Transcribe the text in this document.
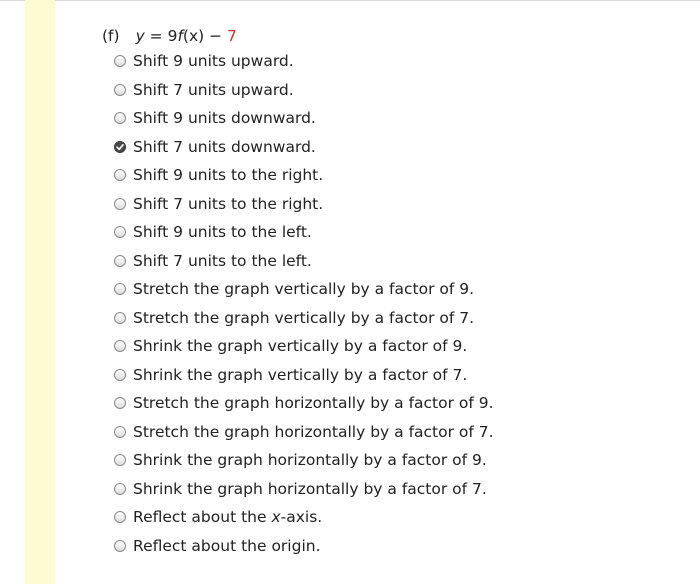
(f) y = 9f(x) − 7
Shift 9 units upward.
Shift 7 units upward.
Shift 9 units downward.
Shift 7 units downward.
Shift 9 units to the right.
Shift 7 units to the right.
Shift 9 units to the left.
Shift 7 units to the left.
Stretch the graph vertically by a factor of 9.
Stretch the graph vertically by a factor of 7.
Shrink the graph vertically by a factor of 9.
Shrink the graph vertically by a factor of 7.
Stretch the graph horizontally by a factor of 9.
Stretch the graph horizontally by a factor of 7.
Shrink the graph horizontally by a factor of 9.
Shrink the graph horizontally by a factor of 7.
Reflect about the x-axis.
Reflect about the origin.
